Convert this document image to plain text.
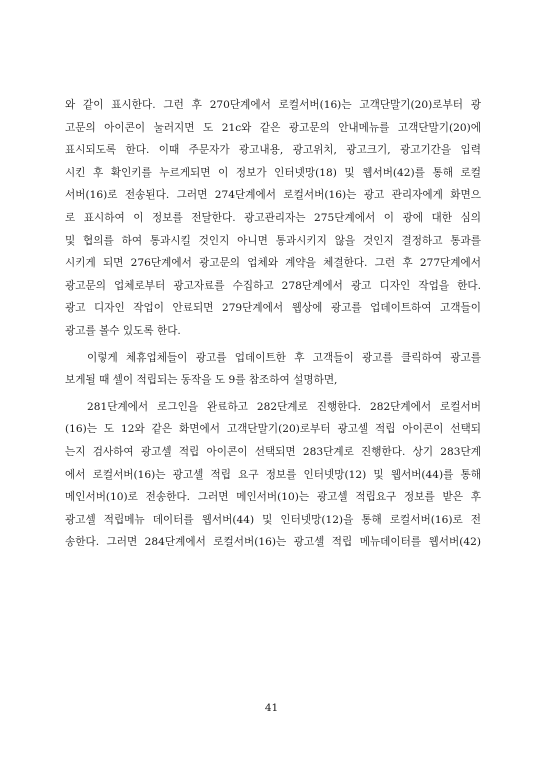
와 같이 표시한다. 그런 후 270단계에서 로컬서버(16)는 고객단말기(20)로부터 광
고문의 아이콘이 눌러지면 도 21c와 같은 광고문의 안내메뉴를 고객단말기(20)에
표시되도록 한다. 이때 주문자가 광고내용, 광고위치, 광고크기, 광고기간을 입력
시킨 후 확인키를 누르게되면 이 정보가 인터넷망(18) 및 웹서버(42)를 통해 로컬
서버(16)로 전송된다. 그러면 274단계에서 로컬서버(16)는 광고 관리자에게 화면으
로 표시하여 이 정보를 전달한다. 광고관리자는 275단계에서 이 광에 대한 심의
및 협의를 하여 통과시킬 것인지 아니면 통과시키지 않을 것인지 결정하고 통과를
시키게 되면 276단계에서 광고문의 업체와 계약을 체결한다. 그런 후 277단계에서
광고문의 업체로부터 광고자료를 수집하고 278단계에서 광고 디자인 작업을 한다.
광고 디자인 작업이 안료되면 279단계에서 웹상에 광고를 업데이트하여 고객들이
광고를 볼수 있도록 한다.
이렇게 체휴업체들이 광고를 업데이트한 후 고객들이 광고를 클릭하여 광고를
보게될 때 셀이 적립되는 동작을 도 9를 참조하여 설명하면,
281단계에서 로그인을 완료하고 282단계로 진행한다. 282단계에서 로컬서버
(16)는 도 12와 같은 화면에서 고객단말기(20)로부터 광고셀 적립 아이콘이 선택되
는지 검사하여 광고셀 적립 아이콘이 선택되면 283단계로 진행한다. 상기 283단계
에서 로컬서버(16)는 광고셀 적립 요구 정보를 인터넷망(12) 및 웹서버(44)를 통해
메인서버(10)로 전송한다. 그러면 메인서버(10)는 광고셀 적립요구 정보를 받은 후
광고셀 적립메뉴 데이터를 웹서버(44) 및 인터넷망(12)을 통해 로컬서버(16)로 전
송한다. 그러면 284단계에서 로컬서버(16)는 광고셀 적립 메뉴데이터를 웹서버(42)
41
